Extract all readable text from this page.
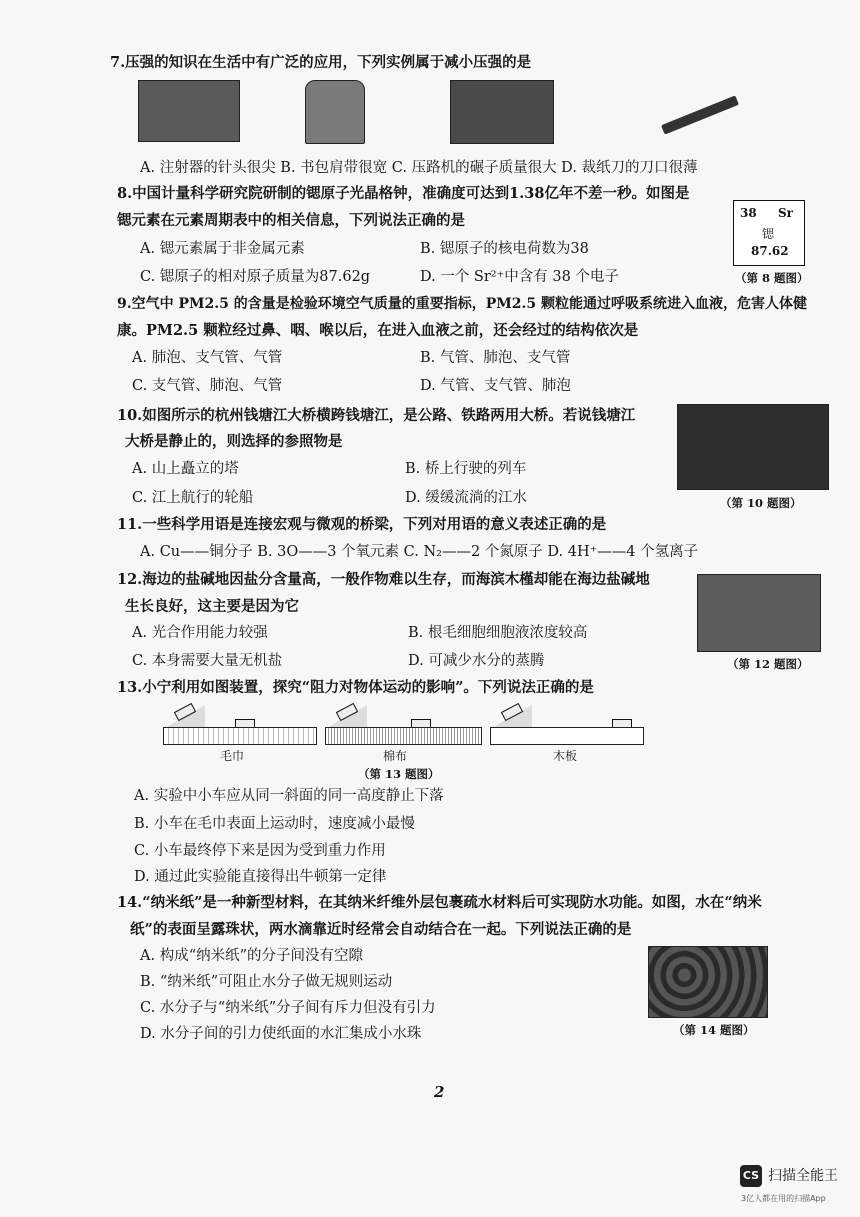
7.压强的知识在生活中有广泛的应用，下列实例属于减小压强的是
A. 注射器的针头很尖 B. 书包肩带很宽 C. 压路机的碾子质量很大 D. 裁纸刀的刀口很薄
8.中国计量科学研究院研制的锶原子光晶格钟，准确度可达到1.38亿年不差一秒。如图是
锶元素在元素周期表中的相关信息，下列说法正确的是
A. 锶元素属于非金属元素	B. 锶原子的核电荷数为38
C. 锶原子的相对原子质量为87.62g	D. 一个 Sr²⁺中含有 38 个电子
38 Sr
锶
87.62
（第 8 题图）
9.空气中 PM2.5 的含量是检验环境空气质量的重要指标，PM2.5 颗粒能通过呼吸系统进入血液，危害人体健
康。PM2.5 颗粒经过鼻、咽、喉以后，在进入血液之前，还会经过的结构依次是
A. 肺泡、支气管、气管	B. 气管、肺泡、支气管
C. 支气管、肺泡、气管	D. 气管、支气管、肺泡
10.如图所示的杭州钱塘江大桥横跨钱塘江，是公路、铁路两用大桥。若说钱塘江
大桥是静止的，则选择的参照物是
A. 山上矗立的塔	B. 桥上行驶的列车
C. 江上航行的轮船	D. 缓缓流淌的江水	（第 10 题图）
11.一些科学用语是连接宏观与微观的桥梁，下列对用语的意义表述正确的是
A. Cu——铜分子 B. 3O——3 个氧元素 C. N₂——2 个氮原子 D. 4H⁺——4 个氢离子
12.海边的盐碱地因盐分含量高，一般作物难以生存，而海滨木槿却能在海边盐碱地
生长良好，这主要是因为它
A. 光合作用能力较强	B. 根毛细胞细胞液浓度较高
C. 本身需要大量无机盐	D. 可减少水分的蒸腾	（第 12 题图）
13.小宁利用如图装置，探究“阻力对物体运动的影响”。下列说法正确的是
毛巾	棉布	木板
（第 13 题图）
A. 实验中小车应从同一斜面的同一高度静止下落
B. 小车在毛巾表面上运动时，速度减小最慢
C. 小车最终停下来是因为受到重力作用
D. 通过此实验能直接得出牛顿第一定律
14.“纳米纸”是一种新型材料，在其纳米纤维外层包裹疏水材料后可实现防水功能。如图，水在“纳米
纸”的表面呈露珠状，两水滴靠近时经常会自动结合在一起。下列说法正确的是
A. 构成“纳米纸”的分子间没有空隙
B. “纳米纸”可阻止水分子做无规则运动
C. 水分子与“纳米纸”分子间有斥力但没有引力
D. 水分子间的引力使纸面的水汇集成小水珠	（第 14 题图）
2
CS 扫描全能王
3亿人都在用的扫描App
